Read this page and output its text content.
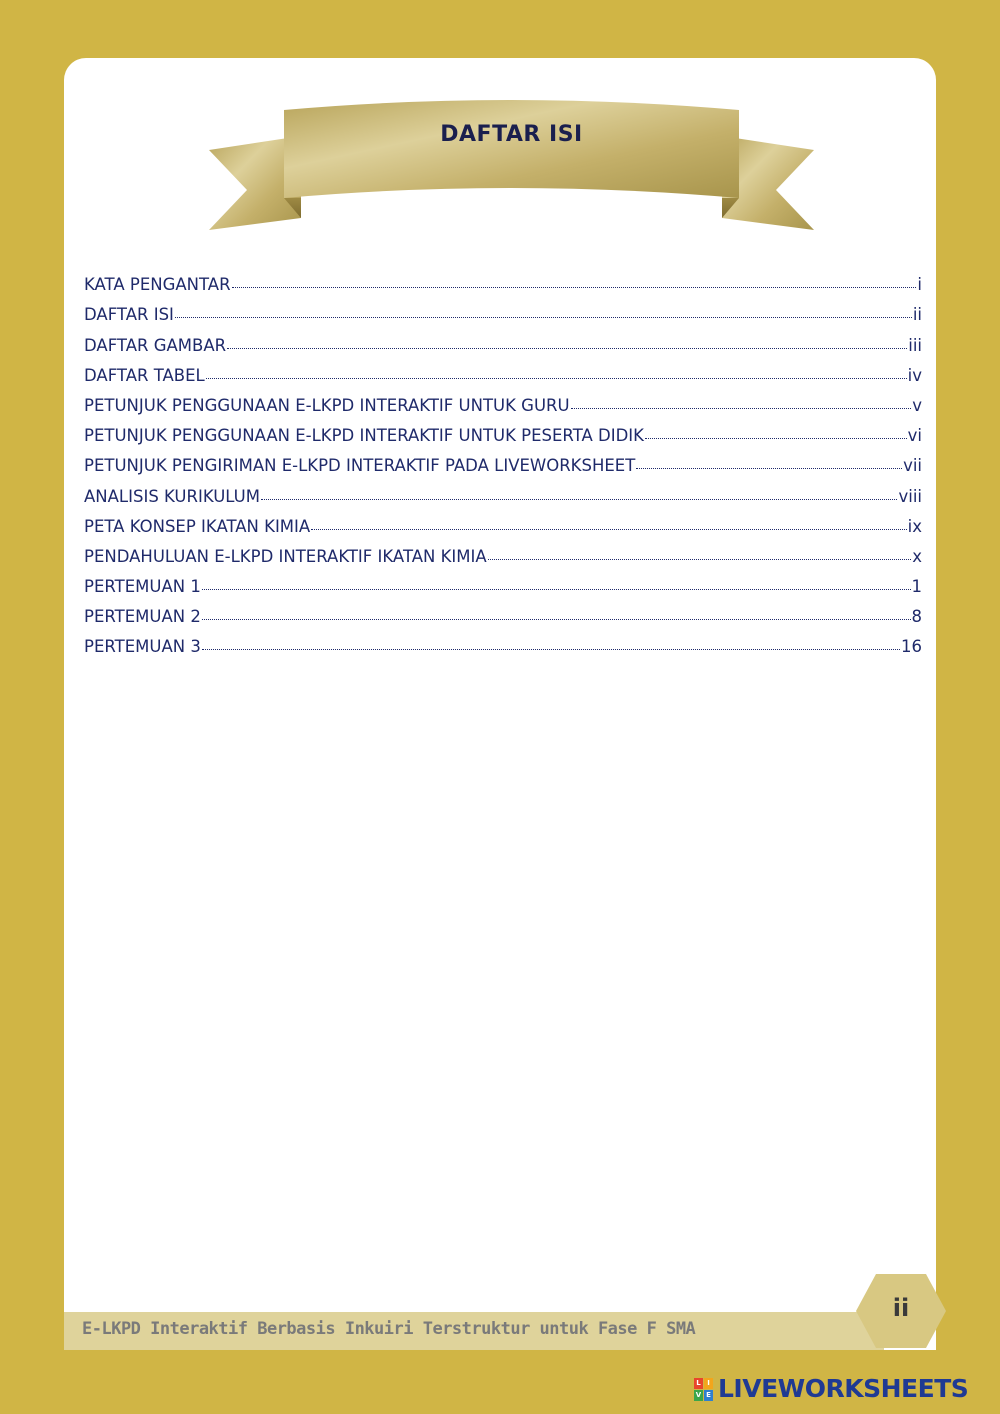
DAFTAR ISI
KATA PENGANTAR	i
DAFTAR ISI	ii
DAFTAR GAMBAR	iii
DAFTAR TABEL	iv
PETUNJUK PENGGUNAAN E-LKPD INTERAKTIF UNTUK GURU	v
PETUNJUK PENGGUNAAN E-LKPD INTERAKTIF UNTUK PESERTA DIDIK	vi
PETUNJUK PENGIRIMAN E-LKPD INTERAKTIF PADA LIVEWORKSHEET	vii
ANALISIS KURIKULUM	viii
PETA KONSEP IKATAN KIMIA	ix
PENDAHULUAN E-LKPD INTERAKTIF IKATAN KIMIA	x
PERTEMUAN 1	1
PERTEMUAN 2	8
PERTEMUAN 3	16
E-LKPD Interaktif Berbasis Inkuiri Terstruktur untuk Fase F SMA
ii
L I
V E LIVEWORKSHEETS
